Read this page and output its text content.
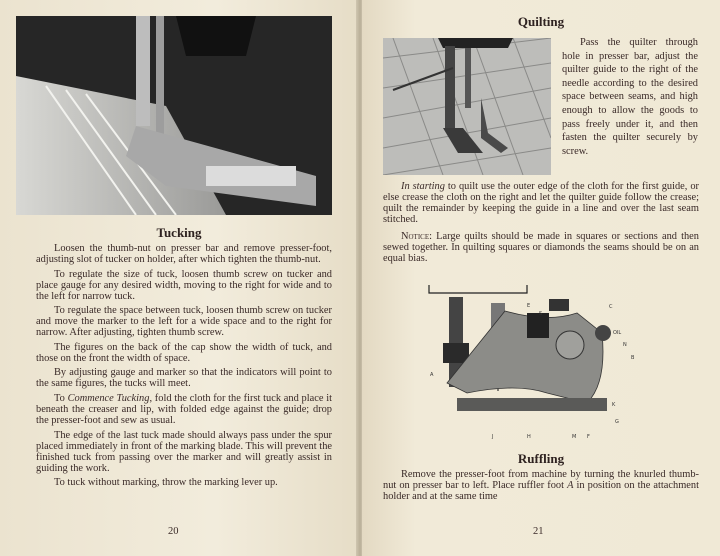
Tucking

Loosen the thumb-nut on presser bar and remove presser-foot, adjusting slot of tucker on holder, after which tighten the thumb-nut.

To regulate the size of tuck, loosen thumb screw on tucker and place gauge for any desired width, moving to the right for wide and to the left for narrow tuck.

To regulate the space between tuck, loosen thumb screw on tucker and move the marker to the left for a wide space and to the right for narrow. After adjusting, tighten thumb screw.

The figures on the back of the cap show the width of tuck, and those on the front the width of space.

By adjusting gauge and marker so that the indicators will point to the same figures, the tucks will meet.

To Commence Tucking, fold the cloth for the first tuck and place it beneath the creaser and lip, with folded edge against the guide; drop the presser-foot and sew as usual.

The edge of the last tuck made should always pass under the spur placed immediately in front of the marking blade. This will prevent the finished tuck from passing over the marker and will greatly assist in guiding the work.

To tuck without marking, throw the marking lever up.

20
Quilting

Pass the quilter through hole in presser bar, adjust the quilter guide to the right of the needle according to the desired space between seams, and high enough to allow the goods to pass freely under it, and then fasten the quilter securely by screw.

In starting to quilt use the outer edge of the cloth for the first guide, or else crease the cloth on the right and let the quilter guide follow the crease; quilt the remainder by keeping the guide in a line and over the last seam stitched.

Notice: Large quilts should be made in squares or sections and then sewed together. In quilting squares or diamonds the seams should be on an equal bias.

E
S
C
OIL
N
B
A
K
G
J	H	M F
Ruffling

Remove the presser-foot from machine by turning the knurled thumb-nut on presser bar to left. Place ruffler foot A in position on the attachment holder and at the same time

21
